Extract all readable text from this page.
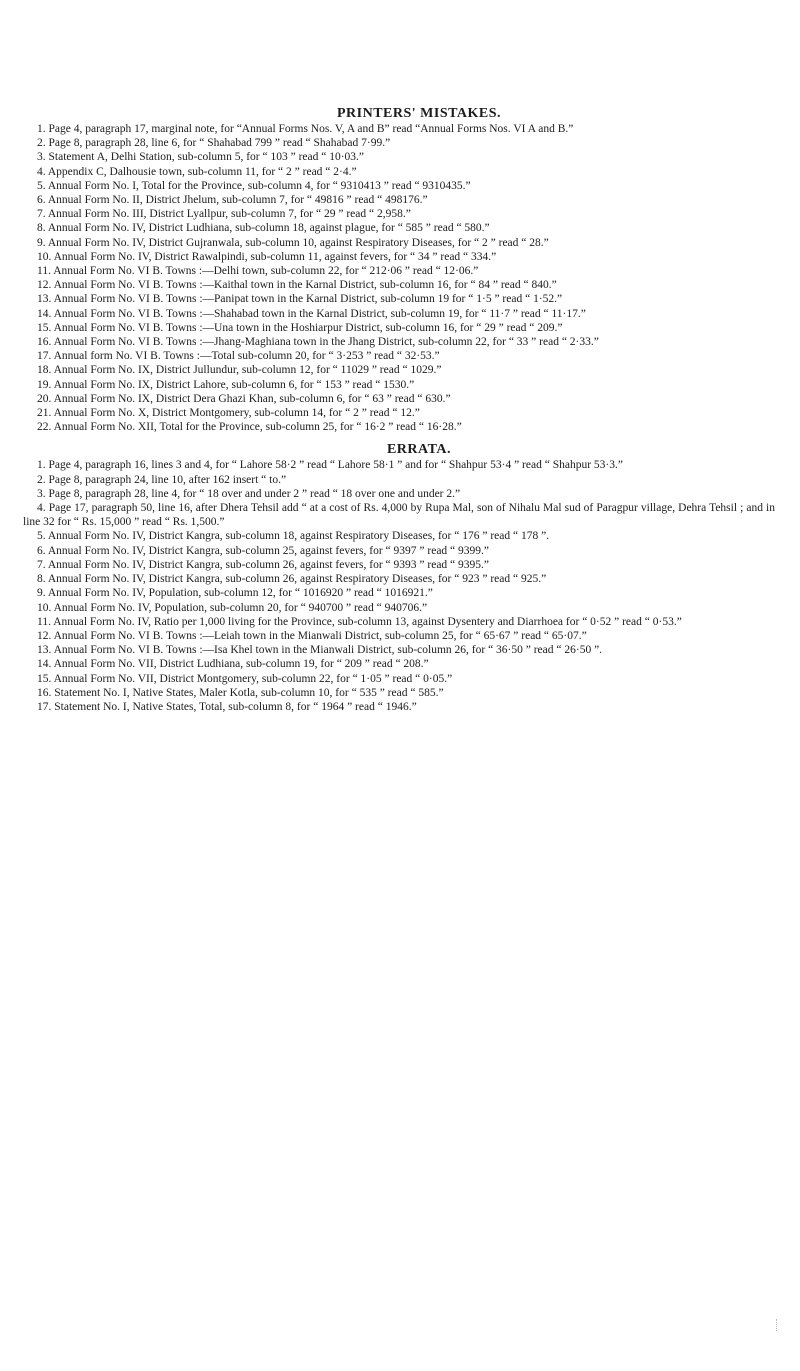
PRINTERS' MISTAKES.

1. Page 4, paragraph 17, marginal note, for “Annual Forms Nos. V, A and B” read “Annual Forms Nos. VI A and B.”

2. Page 8, paragraph 28, line 6, for “ Shahabad 799 ” read “ Shahabad 7·99.”

3. Statement A, Delhi Station, sub-column 5, for “ 103 ” read “ 10·03.”

4. Appendix C, Dalhousie town, sub-column 11, for “ 2 ” read “ 2·4.”

5. Annual Form No. I, Total for the Province, sub-column 4, for “ 9310413 ” read “ 9310435.”

6. Annual Form No. II, District Jhelum, sub-column 7, for “ 49816 ” read “ 498176.”

7. Annual Form No. III, District Lyallpur, sub-column 7, for “ 29 ” read “ 2,958.”

8. Annual Form No. IV, District Ludhiana, sub-column 18, against plague, for “ 585 ” read “ 580.”

9. Annual Form No. IV, District Gujranwala, sub-column 10, against Respiratory Diseases, for “ 2 ” read “ 28.”

10. Annual Form No. IV, District Rawalpindi, sub-column 11, against fevers, for “ 34 ” read “ 334.”

11. Annual Form No. VI B. Towns :—Delhi town, sub-column 22, for “ 212·06 ” read “ 12·06.”

12. Annual Form No. VI B. Towns :—Kaithal town in the Karnal District, sub-column 16, for “ 84 ” read “ 840.”

13. Annual Form No. VI B. Towns :—Panipat town in the Karnal District, sub-column 19 for “ 1·5 ” read “ 1·52.”

14. Annual Form No. VI B. Towns :—Shahabad town in the Karnal District, sub-column 19, for “ 11·7 ” read “ 11·17.”

15. Annual Form No. VI B. Towns :—Una town in the Hoshiarpur District, sub-column 16, for “ 29 ” read “ 209.”

16. Annual Form No. VI B. Towns :—Jhang-Maghiana town in the Jhang District, sub-column 22, for “ 33 ” read “ 2·33.”

17. Annual form No. VI B. Towns :—Total sub-column 20, for “ 3·253 ” read “ 32·53.”

18. Annual Form No. IX, District Jullundur, sub-column 12, for “ 11029 ” read “ 1029.”

19. Annual Form No. IX, District Lahore, sub-column 6, for “ 153 ” read “ 1530.”

20. Annual Form No. IX, District Dera Ghazi Khan, sub-column 6, for “ 63 ” read “ 630.”

21. Annual Form No. X, District Montgomery, sub-column 14, for “ 2 ” read “ 12.”

22. Annual Form No. XII, Total for the Province, sub-column 25, for “ 16·2 ” read “ 16·28.”

ERRATA.

1. Page 4, paragraph 16, lines 3 and 4, for “ Lahore 58·2 ” read “ Lahore 58·1 ” and for “ Shahpur 53·4 ” read “ Shahpur 53·3.”

2. Page 8, paragraph 24, line 10, after 162 insert “ to.”

3. Page 8, paragraph 28, line 4, for “ 18 over and under 2 ” read “ 18 over one and under 2.”

4. Page 17, paragraph 50, line 16, after Dhera Tehsil add “ at a cost of Rs. 4,000 by Rupa Mal, son of Nihalu Mal sud of Paragpur village, Dehra Tehsil ; and in line 32 for “ Rs. 15,000 ” read “ Rs. 1,500.”

5. Annual Form No. IV, District Kangra, sub-column 18, against Respiratory Diseases, for “ 176 ” read “ 178 ”.

6. Annual Form No. IV, District Kangra, sub-column 25, against fevers, for “ 9397 ” read “ 9399.”

7. Annual Form No. IV, District Kangra, sub-column 26, against fevers, for “ 9393 ” read “ 9395.”

8. Annual Form No. IV, District Kangra, sub-column 26, against Respiratory Diseases, for “ 923 ” read “ 925.”

9. Annual Form No. IV, Population, sub-column 12, for “ 1016920 ” read “ 1016921.”

10. Annual Form No. IV, Population, sub-column 20, for “ 940700 ” read “ 940706.”

11. Annual Form No. IV, Ratio per 1,000 living for the Province, sub-column 13, against Dysentery and Diarrhoea for “ 0·52 ” read “ 0·53.”

12. Annual Form No. VI B. Towns :—Leiah town in the Mianwali District, sub-column 25, for “ 65·67 ” read “ 65·07.”

13. Annual Form No. VI B. Towns :—Isa Khel town in the Mianwali District, sub-column 26, for “ 36·50 ” read “ 26·50 ”.

14. Annual Form No. VII, District Ludhiana, sub-column 19, for “ 209 ” read “ 208.”

15. Annual Form No. VII, District Montgomery, sub-column 22, for “ 1·05 ” read “ 0·05.”

16. Statement No. I, Native States, Maler Kotla, sub-column 10, for “ 535 ” read “ 585.”

17. Statement No. I, Native States, Total, sub-column 8, for “ 1964 ” read “ 1946.”
